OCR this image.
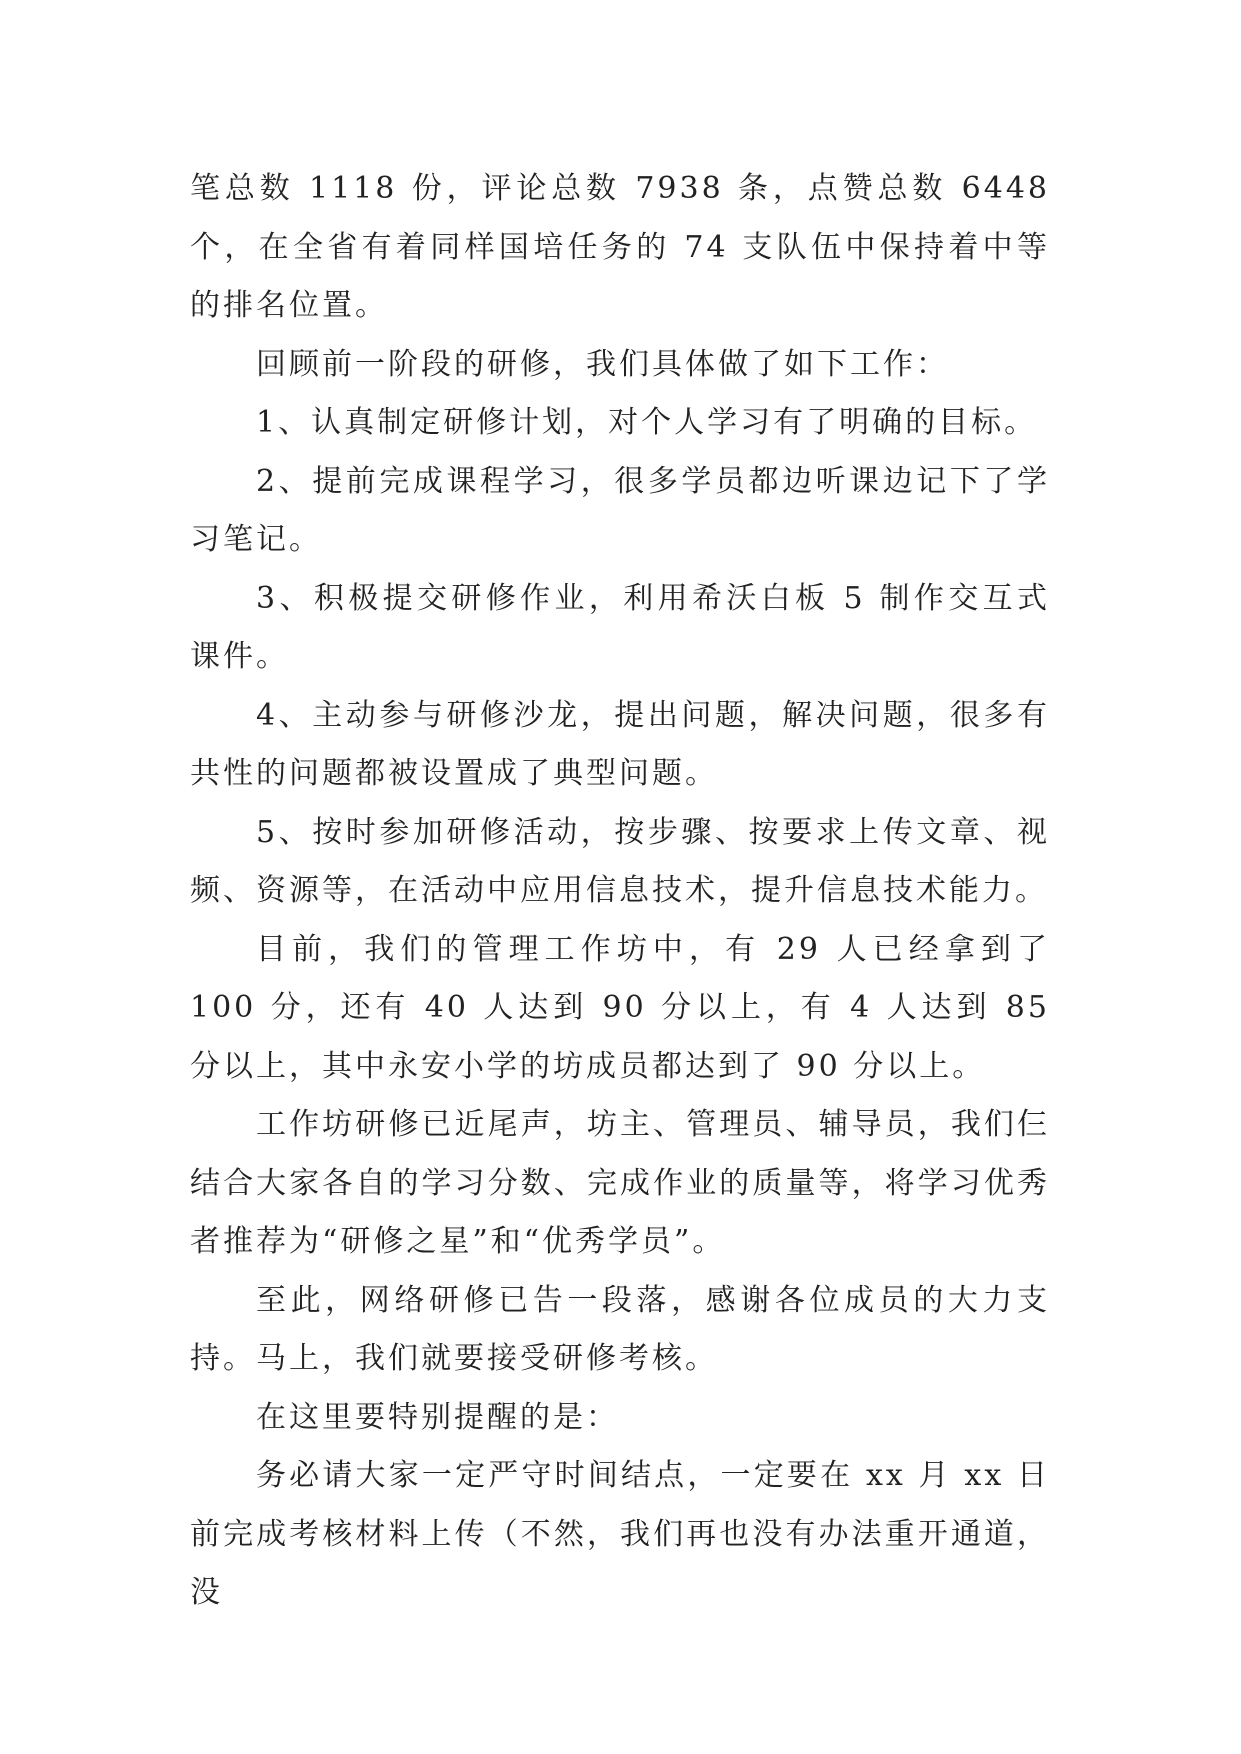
笔总数 1118 份，评论总数 7938 条，点赞总数 6448 个，在全省有着同样国培任务的 74 支队伍中保持着中等的排名位置。

回顾前一阶段的研修，我们具体做了如下工作：

1、认真制定研修计划，对个人学习有了明确的目标。

2、提前完成课程学习，很多学员都边听课边记下了学习笔记。

3、积极提交研修作业，利用希沃白板 5 制作交互式课件。

4、主动参与研修沙龙，提出问题，解决问题，很多有共性的问题都被设置成了典型问题。

5、按时参加研修活动，按步骤、按要求上传文章、视频、资源等，在活动中应用信息技术，提升信息技术能力。

目前，我们的管理工作坊中，有 29 人已经拿到了 100 分，还有 40 人达到 90 分以上，有 4 人达到 85 分以上，其中永安小学的坊成员都达到了 90 分以上。

工作坊研修已近尾声，坊主、管理员、辅导员，我们仨结合大家各自的学习分数、完成作业的质量等，将学习优秀者推荐为“研修之星”和“优秀学员”。

至此，网络研修已告一段落，感谢各位成员的大力支持。马上，我们就要接受研修考核。

在这里要特别提醒的是：

务必请大家一定严守时间结点，一定要在 xx 月 xx 日前完成考核材料上传（不然，我们再也没有办法重开通道，没
